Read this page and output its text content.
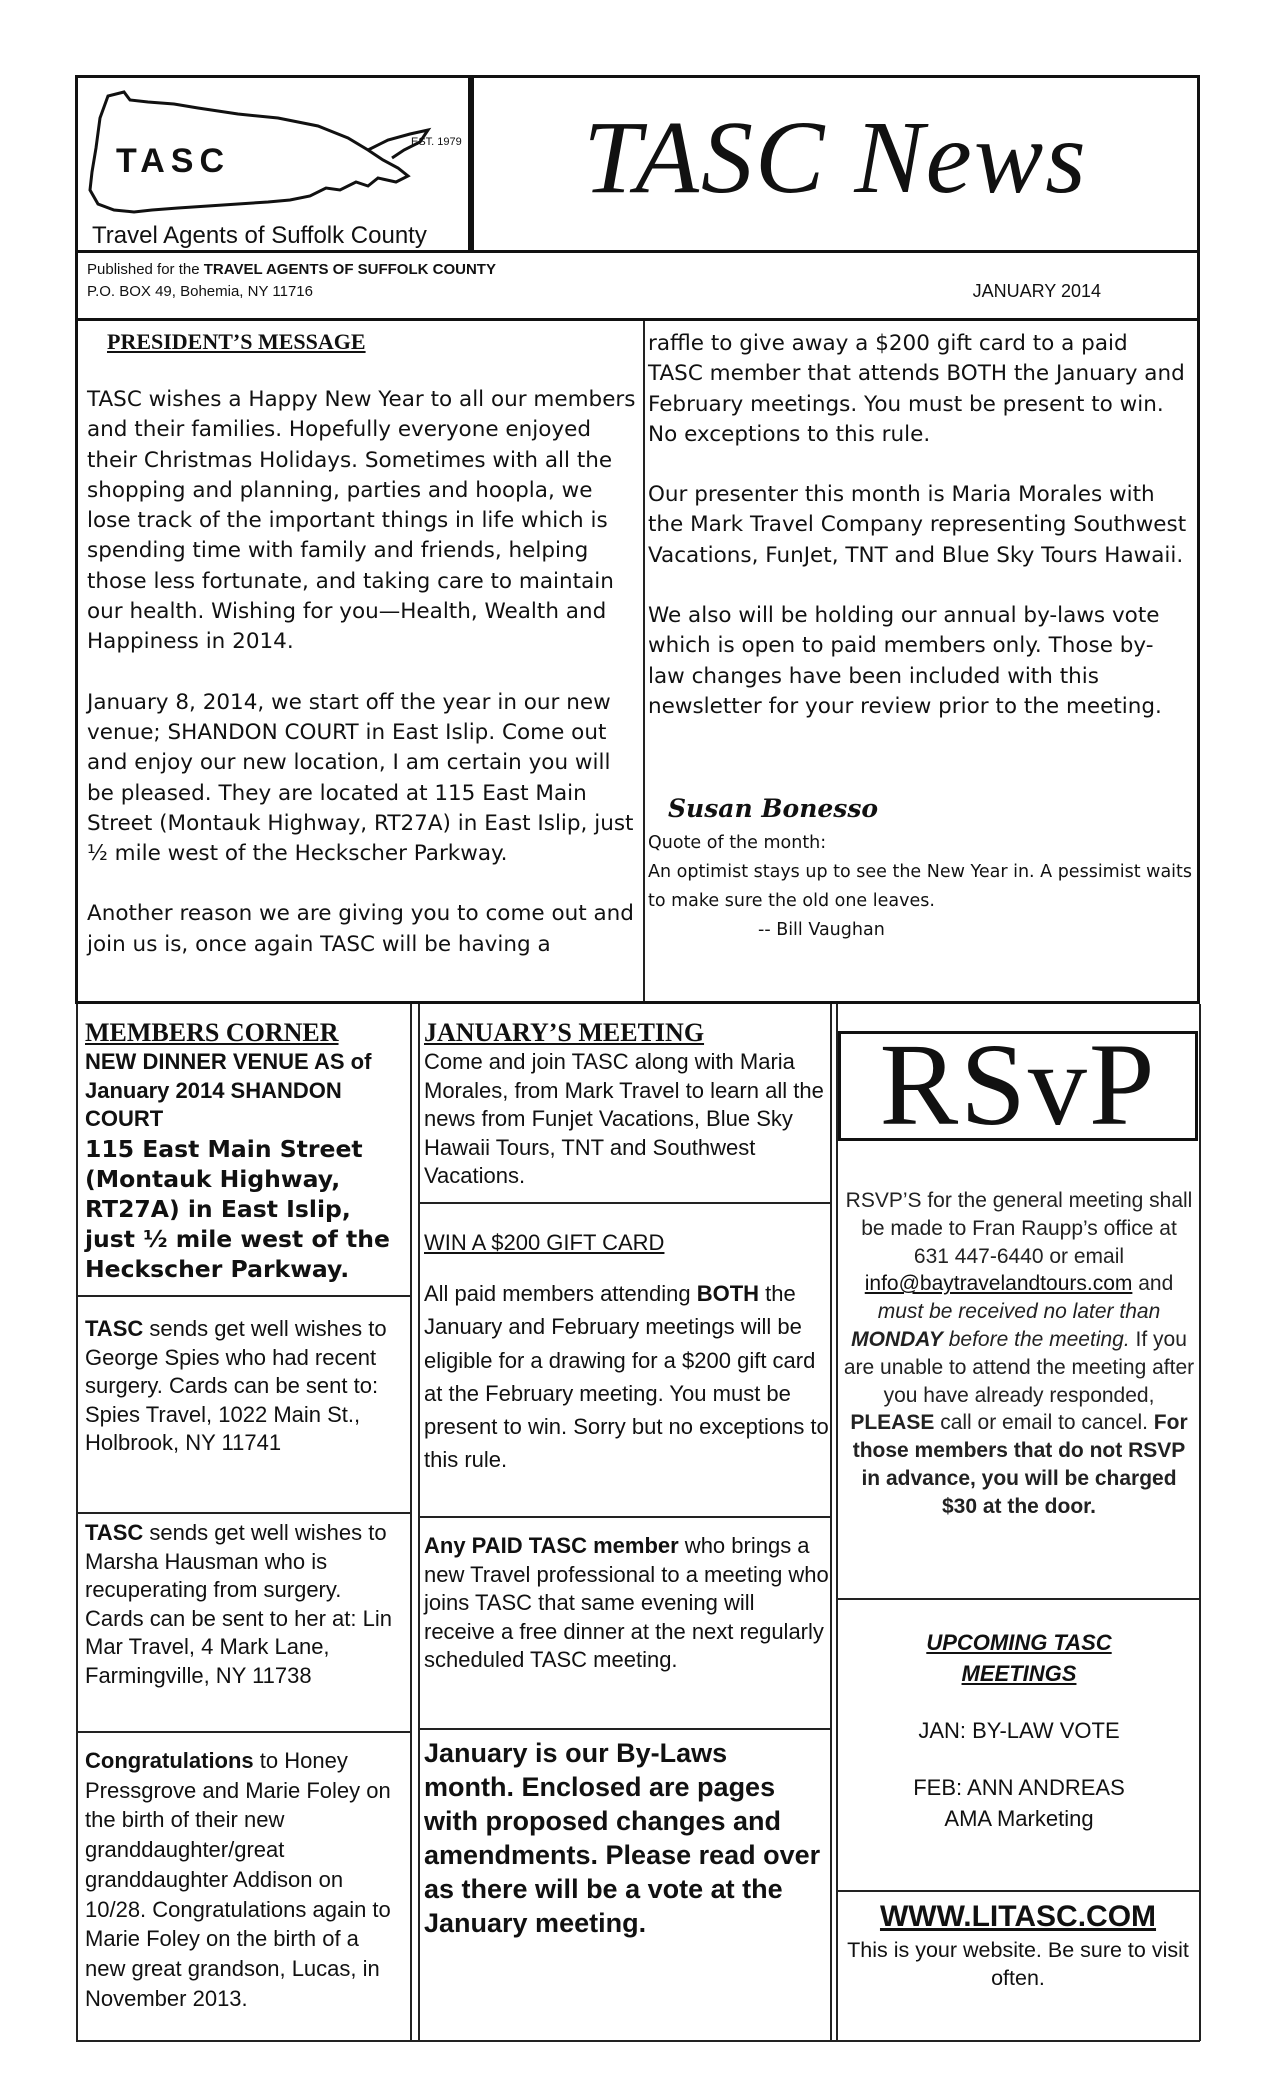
TASC	EST. 1979
Travel Agents of Suffolk County
TASC News
Published for the TRAVEL AGENTS OF SUFFOLK COUNTY
P.O. BOX 49, Bohemia, NY 11716	JANUARY 2014
PRESIDENT’S MESSAGE

TASC wishes a Happy New Year to all our members and their families. Hopefully everyone enjoyed their Christmas Holidays. Sometimes with all the shopping and planning, parties and hoopla, we lose track of the important things in life which is spending time with family and friends, helping those less fortunate, and taking care to maintain our health. Wishing for you—Health, Wealth and Happiness in 2014.

January 8, 2014, we start off the year in our new venue; SHANDON COURT in East Islip. Come out and enjoy our new location, I am certain you will be pleased. They are located at 115 East Main Street (Montauk Highway, RT27A) in East Islip, just ½ mile west of the Heckscher Parkway.

Another reason we are giving you to come out and join us is, once again TASC will be having a

raffle to give away a $200 gift card to a paid TASC member that attends BOTH the January and February meetings. You must be present to win. No exceptions to this rule.

Our presenter this month is Maria Morales with the Mark Travel Company representing Southwest Vacations, FunJet, TNT and Blue Sky Tours Hawaii.

We also will be holding our annual by-laws vote which is open to paid members only. Those by-law changes have been included with this newsletter for your review prior to the meeting.

Susan Bonesso
Quote of the month:
An optimist stays up to see the New Year in. A pessimist waits to make sure the old one leaves.
-- Bill Vaughan
MEMBERS CORNER
NEW DINNER VENUE AS of January 2014 SHANDON COURT
115 East Main Street (Montauk Highway, RT27A) in East Islip, just ½ mile west of the Heckscher Parkway.
TASC sends get well wishes to George Spies who had recent surgery. Cards can be sent to: Spies Travel, 1022 Main St., Holbrook, NY 11741
TASC sends get well wishes to Marsha Hausman who is recuperating from surgery. Cards can be sent to her at: Lin Mar Travel, 4 Mark Lane, Farmingville, NY 11738
Congratulations to Honey Pressgrove and Marie Foley on the birth of their new granddaughter/great granddaughter Addison on 10/28. Congratulations again to Marie Foley on the birth of a new great grandson, Lucas, in November 2013.
JANUARY’S MEETING
Come and join TASC along with Maria Morales, from Mark Travel to learn all the news from Funjet Vacations, Blue Sky Hawaii Tours, TNT and Southwest Vacations.
WIN A $200 GIFT CARD
All paid members attending BOTH the January and February meetings will be eligible for a drawing for a $200 gift card at the February meeting. You must be present to win. Sorry but no exceptions to this rule.
Any PAID TASC member who brings a new Travel professional to a meeting who joins TASC that same evening will receive a free dinner at the next regularly scheduled TASC meeting.
January is our By-Laws month. Enclosed are pages with proposed changes and amendments. Please read over as there will be a vote at the January meeting.
RSvP
RSVP’S for the general meeting shall be made to Fran Raupp’s office at 631 447-6440 or email
info@baytravelandtours.com and
must be received no later than MONDAY before the meeting. If you are unable to attend the meeting after you have already responded, PLEASE call or email to cancel. For those members that do not RSVP in advance, you will be charged $30 at the door.
UPCOMING TASC MEETINGS
JAN: BY-LAW VOTE
FEB: ANN ANDREAS
AMA Marketing
WWW.LITASC.COM
This is your website. Be sure to visit often.
